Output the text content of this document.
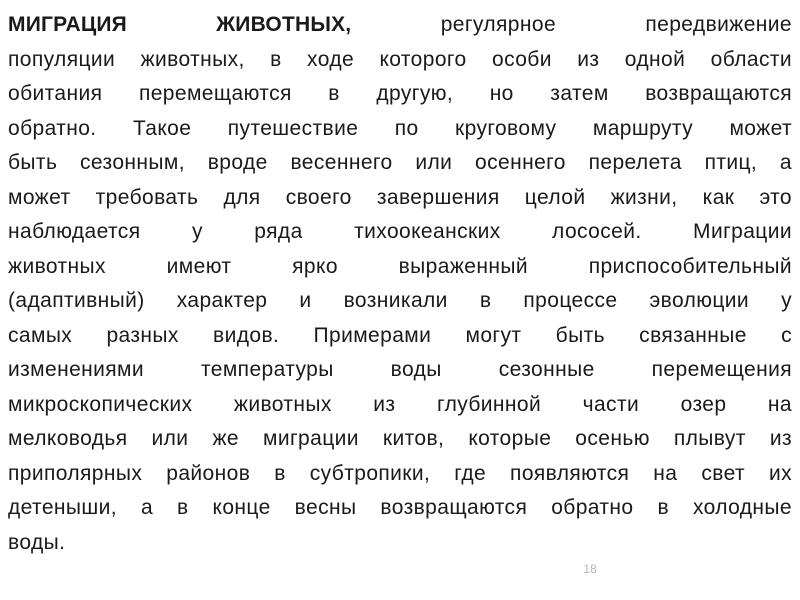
МИГРАЦИЯ ЖИВОТНЫХ,	регулярное передвижение
популяции животных, в ходе которого особи из одной области
обитания перемещаются в другую, но затем возвращаются
обратно. Такое путешествие по круговому маршруту может
быть сезонным, вроде весеннего или осеннего перелета птиц, а
может требовать для своего завершения целой жизни, как это
наблюдается у ряда тихоокеанских лососей. Миграции
животных имеют ярко выраженный приспособительный
(адаптивный) характер и возникали в процессе эволюции у
самых разных видов. Примерами могут быть связанные с
изменениями температуры воды сезонные перемещения
микроскопических животных из глубинной части озер на
мелководья или же миграции китов, которые осенью плывут из
приполярных районов в субтропики, где появляются на свет их
детеныши, а в конце весны возвращаются обратно в холодные
воды.
18
